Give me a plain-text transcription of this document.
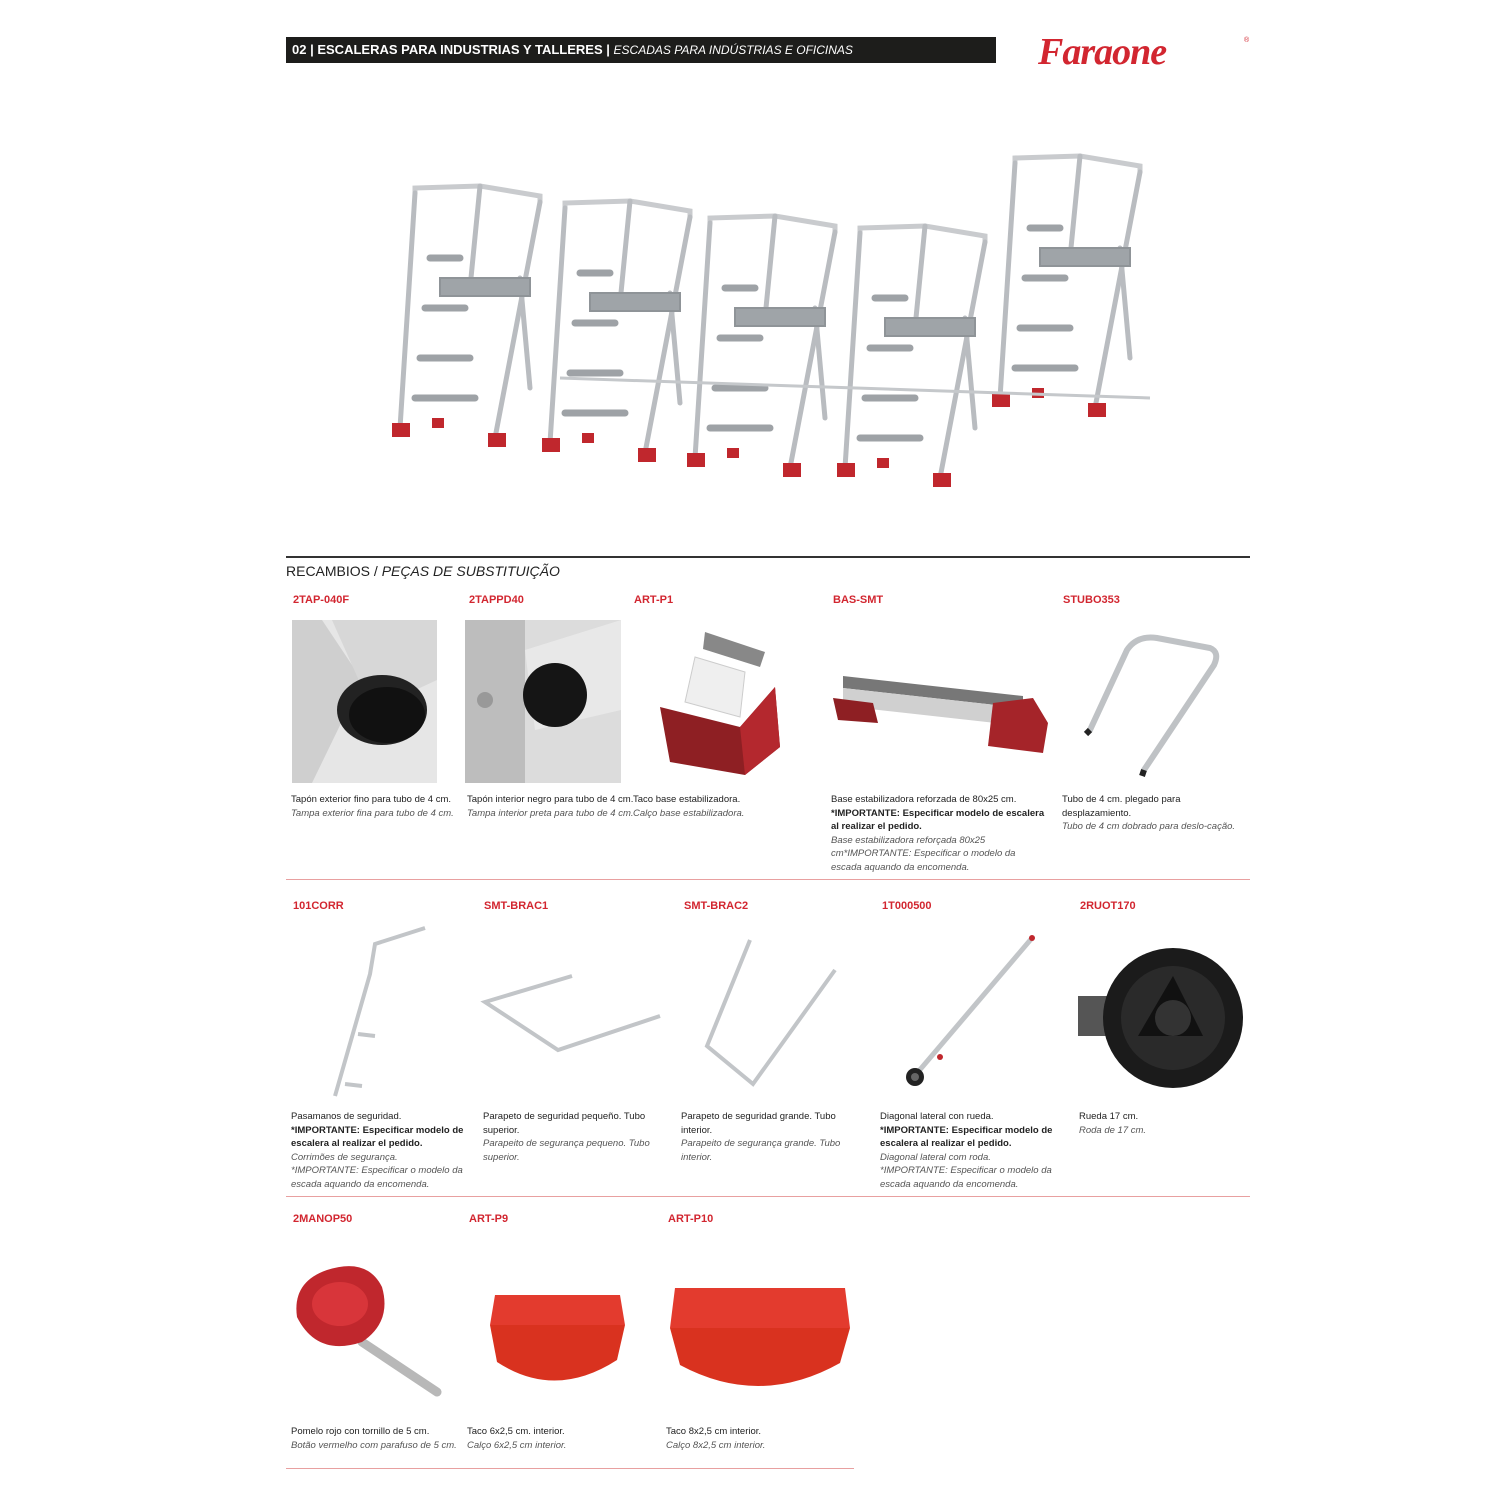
02 | ESCALERAS PARA INDUSTRIAS Y TALLERES | ESCADAS PARA INDÚSTRIAS E OFICINAS	Faraone	®
RECAMBIOS / PEÇAS DE SUBSTITUIÇÃO
2TAP-040F
Tapón exterior fino para tubo de 4 cm.
Tampa exterior fina para tubo de 4 cm.
2TAPPD40
Tapón interior negro para tubo de 4 cm.
Tampa interior preta para tubo de 4 cm.
ART-P1
Taco base estabilizadora.
Calço base estabilizadora.
BAS-SMT
Base estabilizadora reforzada de 80x25 cm. *IMPORTANTE: Especificar modelo de escalera al realizar el pedido.
Base estabilizadora reforçada 80x25 cm*IMPORTANTE: Especificar o modelo da escada aquando da encomenda.
STUBO353
Tubo de 4 cm. plegado para desplazamiento.
Tubo de 4 cm dobrado para deslo-cação.
101CORR
Pasamanos de seguridad. *IMPORTANTE: Especificar modelo de escalera al realizar el pedido.
Corrimões de segurança. *IMPORTANTE: Especificar o modelo da escada aquando da encomenda.
SMT-BRAC1
Parapeto de seguridad pequeño. Tubo superior.
Parapeito de segurança pequeno. Tubo superior.
SMT-BRAC2
Parapeto de seguridad grande. Tubo interior.
Parapeito de segurança grande. Tubo interior.
1T000500
Diagonal lateral con rueda. *IMPORTANTE: Especificar modelo de escalera al realizar el pedido.
Diagonal lateral com roda. *IMPORTANTE: Especificar o modelo da escada aquando da encomenda.
2RUOT170
Rueda 17 cm.
Roda de 17 cm.
2MANOP50
Pomelo rojo con tornillo de 5 cm.
Botão vermelho com parafuso de 5 cm.
ART-P9
Taco 6x2,5 cm. interior.
Calço 6x2,5 cm interior.
ART-P10
Taco 8x2,5 cm interior.
Calço 8x2,5 cm interior.
